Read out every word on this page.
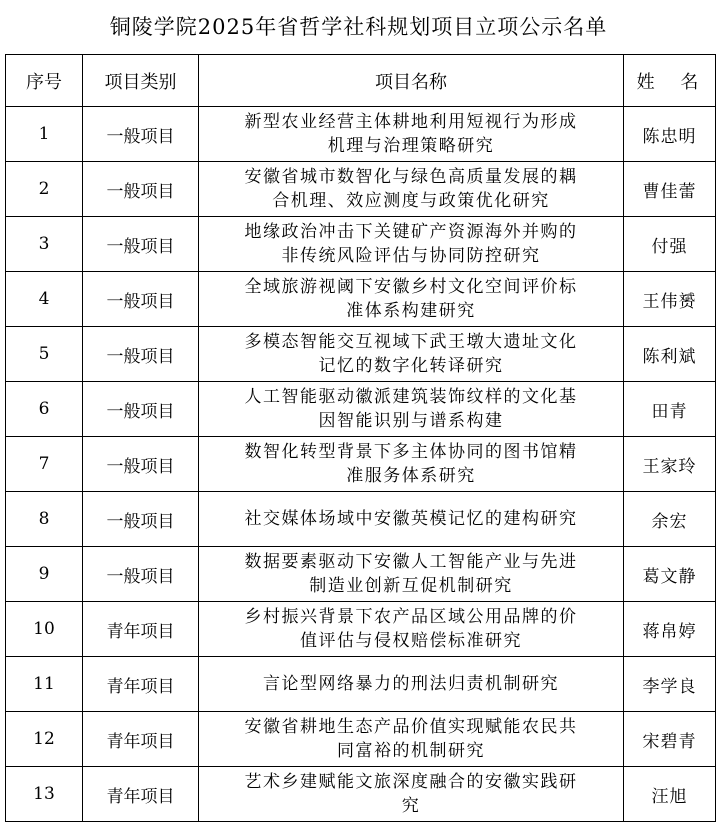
铜陵学院2025年省哲学社科规划项目立项公示名单
序号	项目类别	项目名称	姓 名
1	一般项目	新型农业经营主体耕地利用短视行为形成机理与治理策略研究	陈忠明
2	一般项目	安徽省城市数智化与绿色高质量发展的耦合机理、效应测度与政策优化研究	曹佳蕾
3	一般项目	地缘政治冲击下关键矿产资源海外并购的非传统风险评估与协同防控研究	付强
4	一般项目	全域旅游视阈下安徽乡村文化空间评价标准体系构建研究	王伟赟
5	一般项目	多模态智能交互视域下武王墩大遗址文化记忆的数字化转译研究	陈利斌
6	一般项目	人工智能驱动徽派建筑装饰纹样的文化基因智能识别与谱系构建	田青
7	一般项目	数智化转型背景下多主体协同的图书馆精准服务体系研究	王家玲
8	一般项目	社交媒体场域中安徽英模记忆的建构研究	余宏
9	一般项目	数据要素驱动下安徽人工智能产业与先进制造业创新互促机制研究	葛文静
10	青年项目	乡村振兴背景下农产品区域公用品牌的价值评估与侵权赔偿标准研究	蒋帛婷
11	青年项目	言论型网络暴力的刑法归责机制研究	李学良
12	青年项目	安徽省耕地生态产品价值实现赋能农民共同富裕的机制研究	宋碧青
13	青年项目	艺术乡建赋能文旅深度融合的安徽实践研究	汪旭
